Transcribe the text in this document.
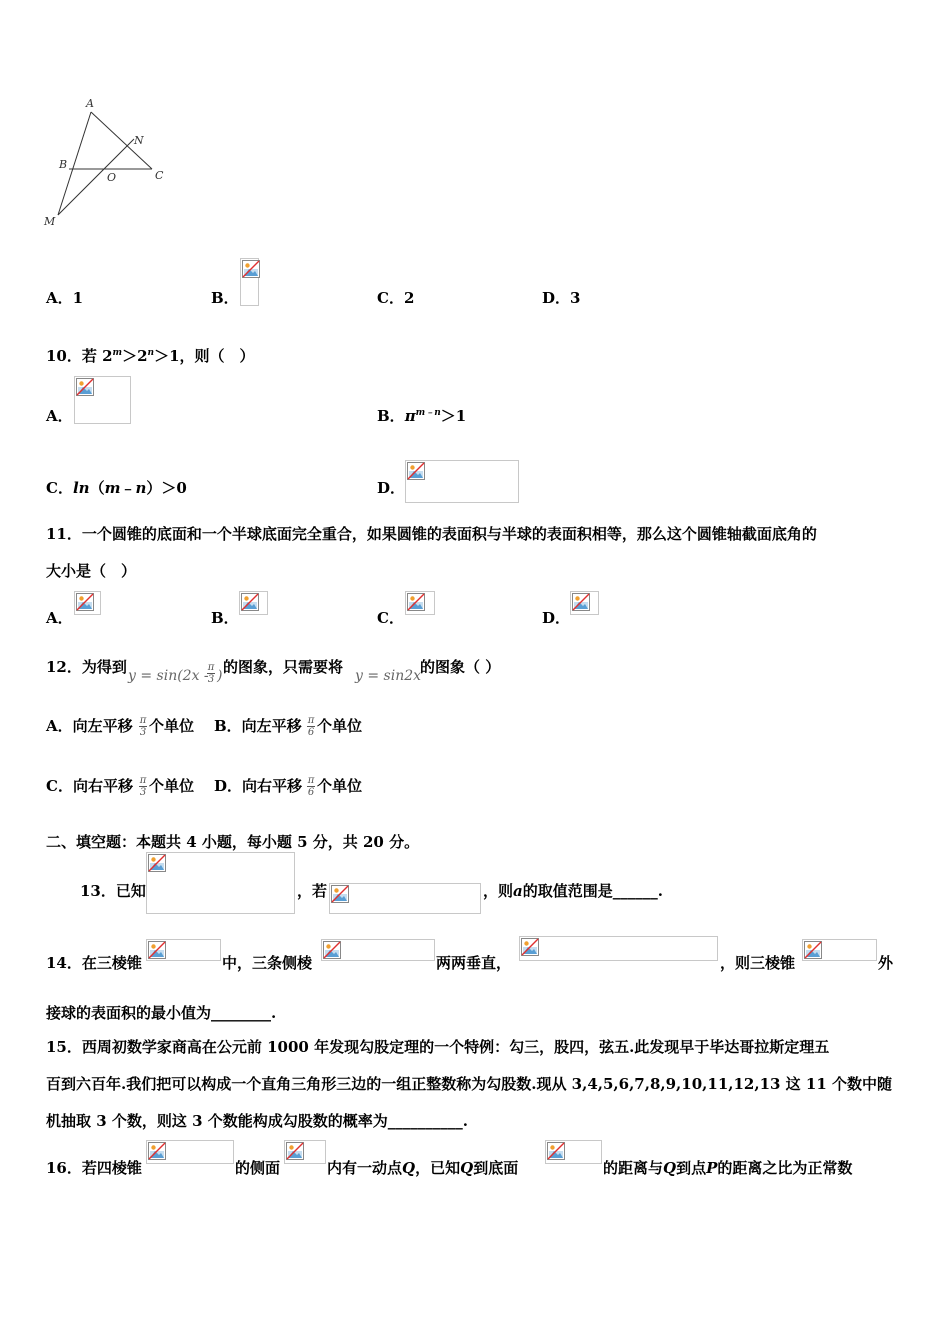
A
N
B
O	C
M
A．1	B．	C．2	D．3
10．若 $2^m>2^n>1$，则（　）
A．	B．$\pi^{m﹣n}>1$
C．ln（m﹣n）＞0	D．
11．一个圆锥的底面和一个半球底面完全重合，如果圆锥的表面积与半球的表面积相等，那么这个圆锥轴截面底角的
大小是（　）
A．	B．	C．	D．
12．为得到 y = sin(2x -
π
3 ) 的图象，只需要将 y = sin2x
的图象（ ）
A．向左平移 π
3 个单位 B．向左平移 π
6 个单位
C．向右平移 π
3 个单位 D．向右平移 π
6 个单位
二、填空题：本题共 4 小题，每小题 5 分，共 20 分。
13．已知	，若	，则a的取值范围是______.
14．在三棱锥	中，三条侧棱	两两垂直，	，则三棱锥	外
接球的表面积的最小值为________.
15．西周初数学家商高在公元前 1000 年发现勾股定理的一个特例：勾三，股四，弦五.此发现早于毕达哥拉斯定理五
百到六百年.我们把可以构成一个直角三角形三边的一组正整数称为勾股数.现从 3,4,5,6,7,8,9,10,11,12,13 这 11 个数中随
机抽取 3 个数，则这 3 个数能构成勾股数的概率为__________.
16．若四棱锥	的侧面	内有一动点Q，已知Q到底面	的距离与Q到点P的距离之比为正常数
